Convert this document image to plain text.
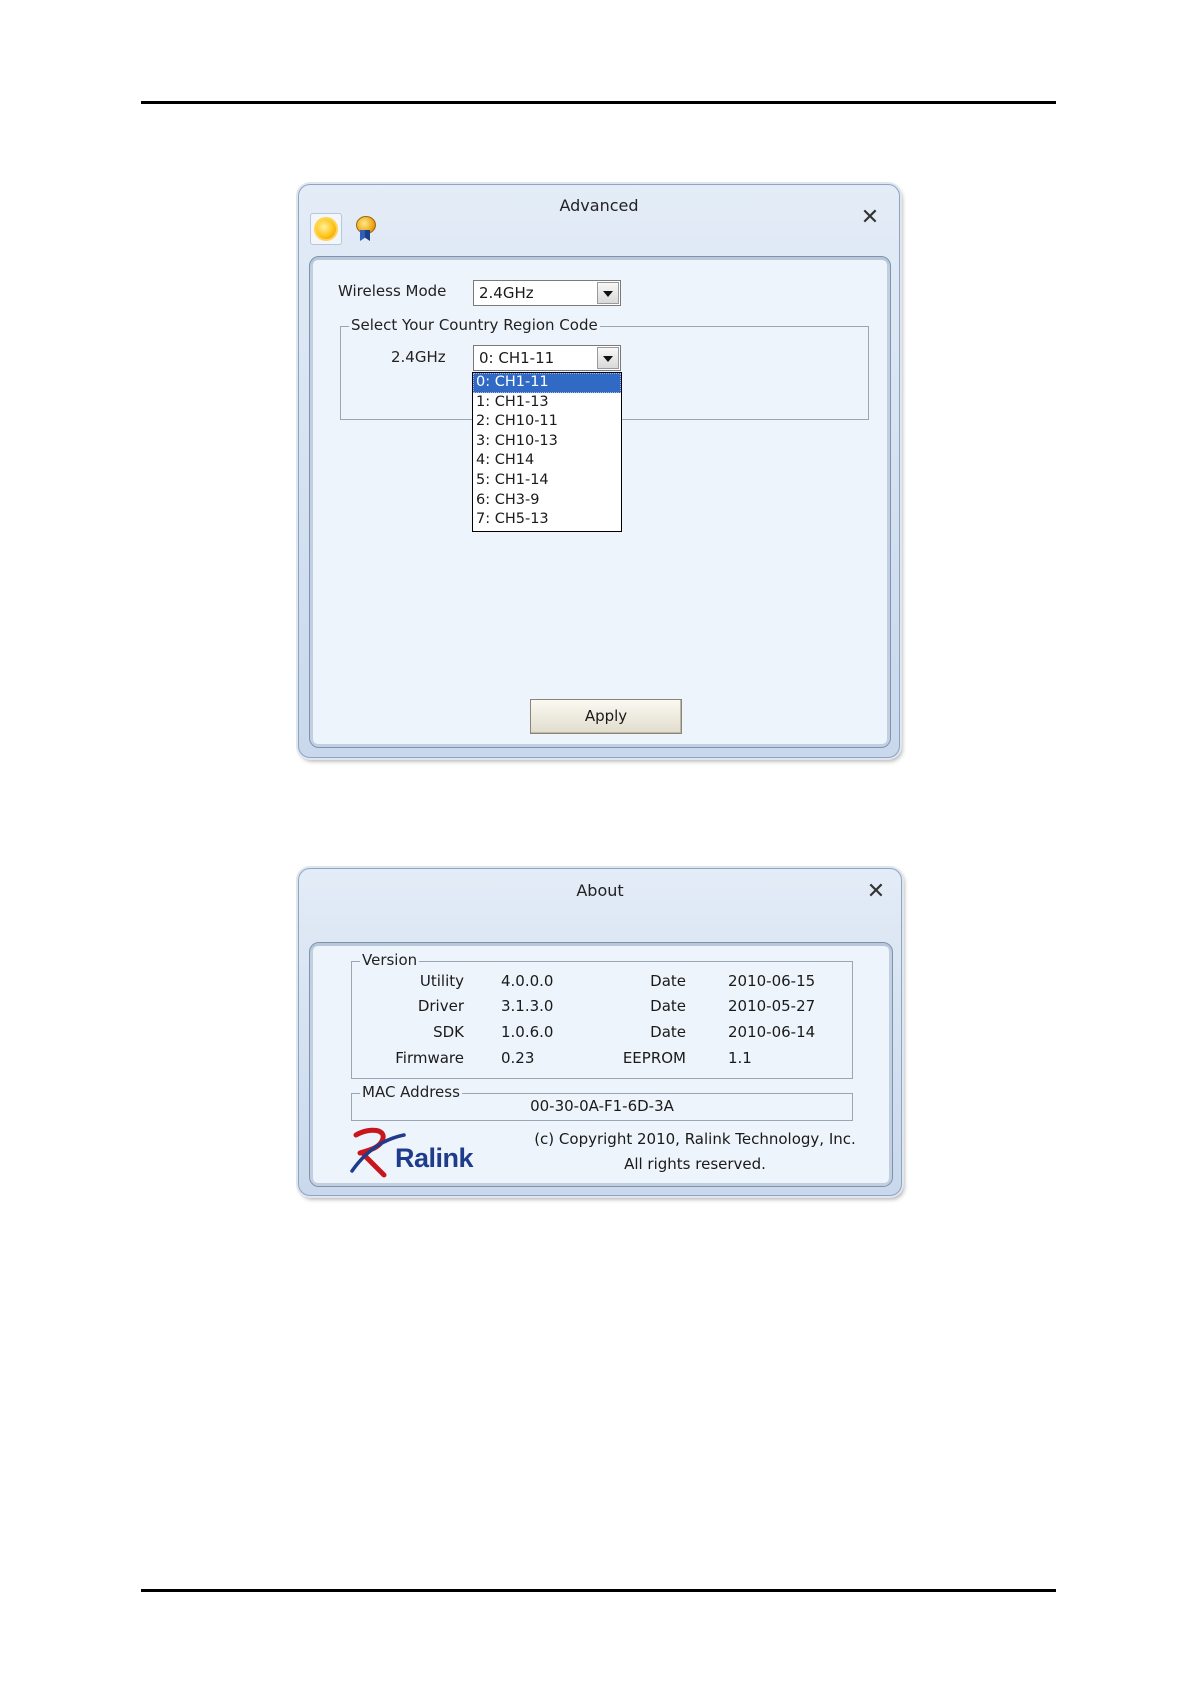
Advanced	✕
Wireless Mode 2.4GHz
Select Your Country Region Code
2.4GHz 0: CH1-11
0: CH1-11
1: CH1-13
2: CH10-11
3: CH10-13
4: CH14
5: CH1-14
6: CH3-9
7: CH5-13
Apply
About	✕
Version
Utility 4.0.0.0	Date	2010-06-15
Driver 3.1.3.0	Date	2010-05-27
SDK 1.0.6.0	Date	2010-06-14
Firmware 0.23	EEPROM	1.1
MAC Address
00-30-0A-F1-6D-3A
Ralink
(c) Copyright 2010, Ralink Technology, Inc.
All rights reserved.
